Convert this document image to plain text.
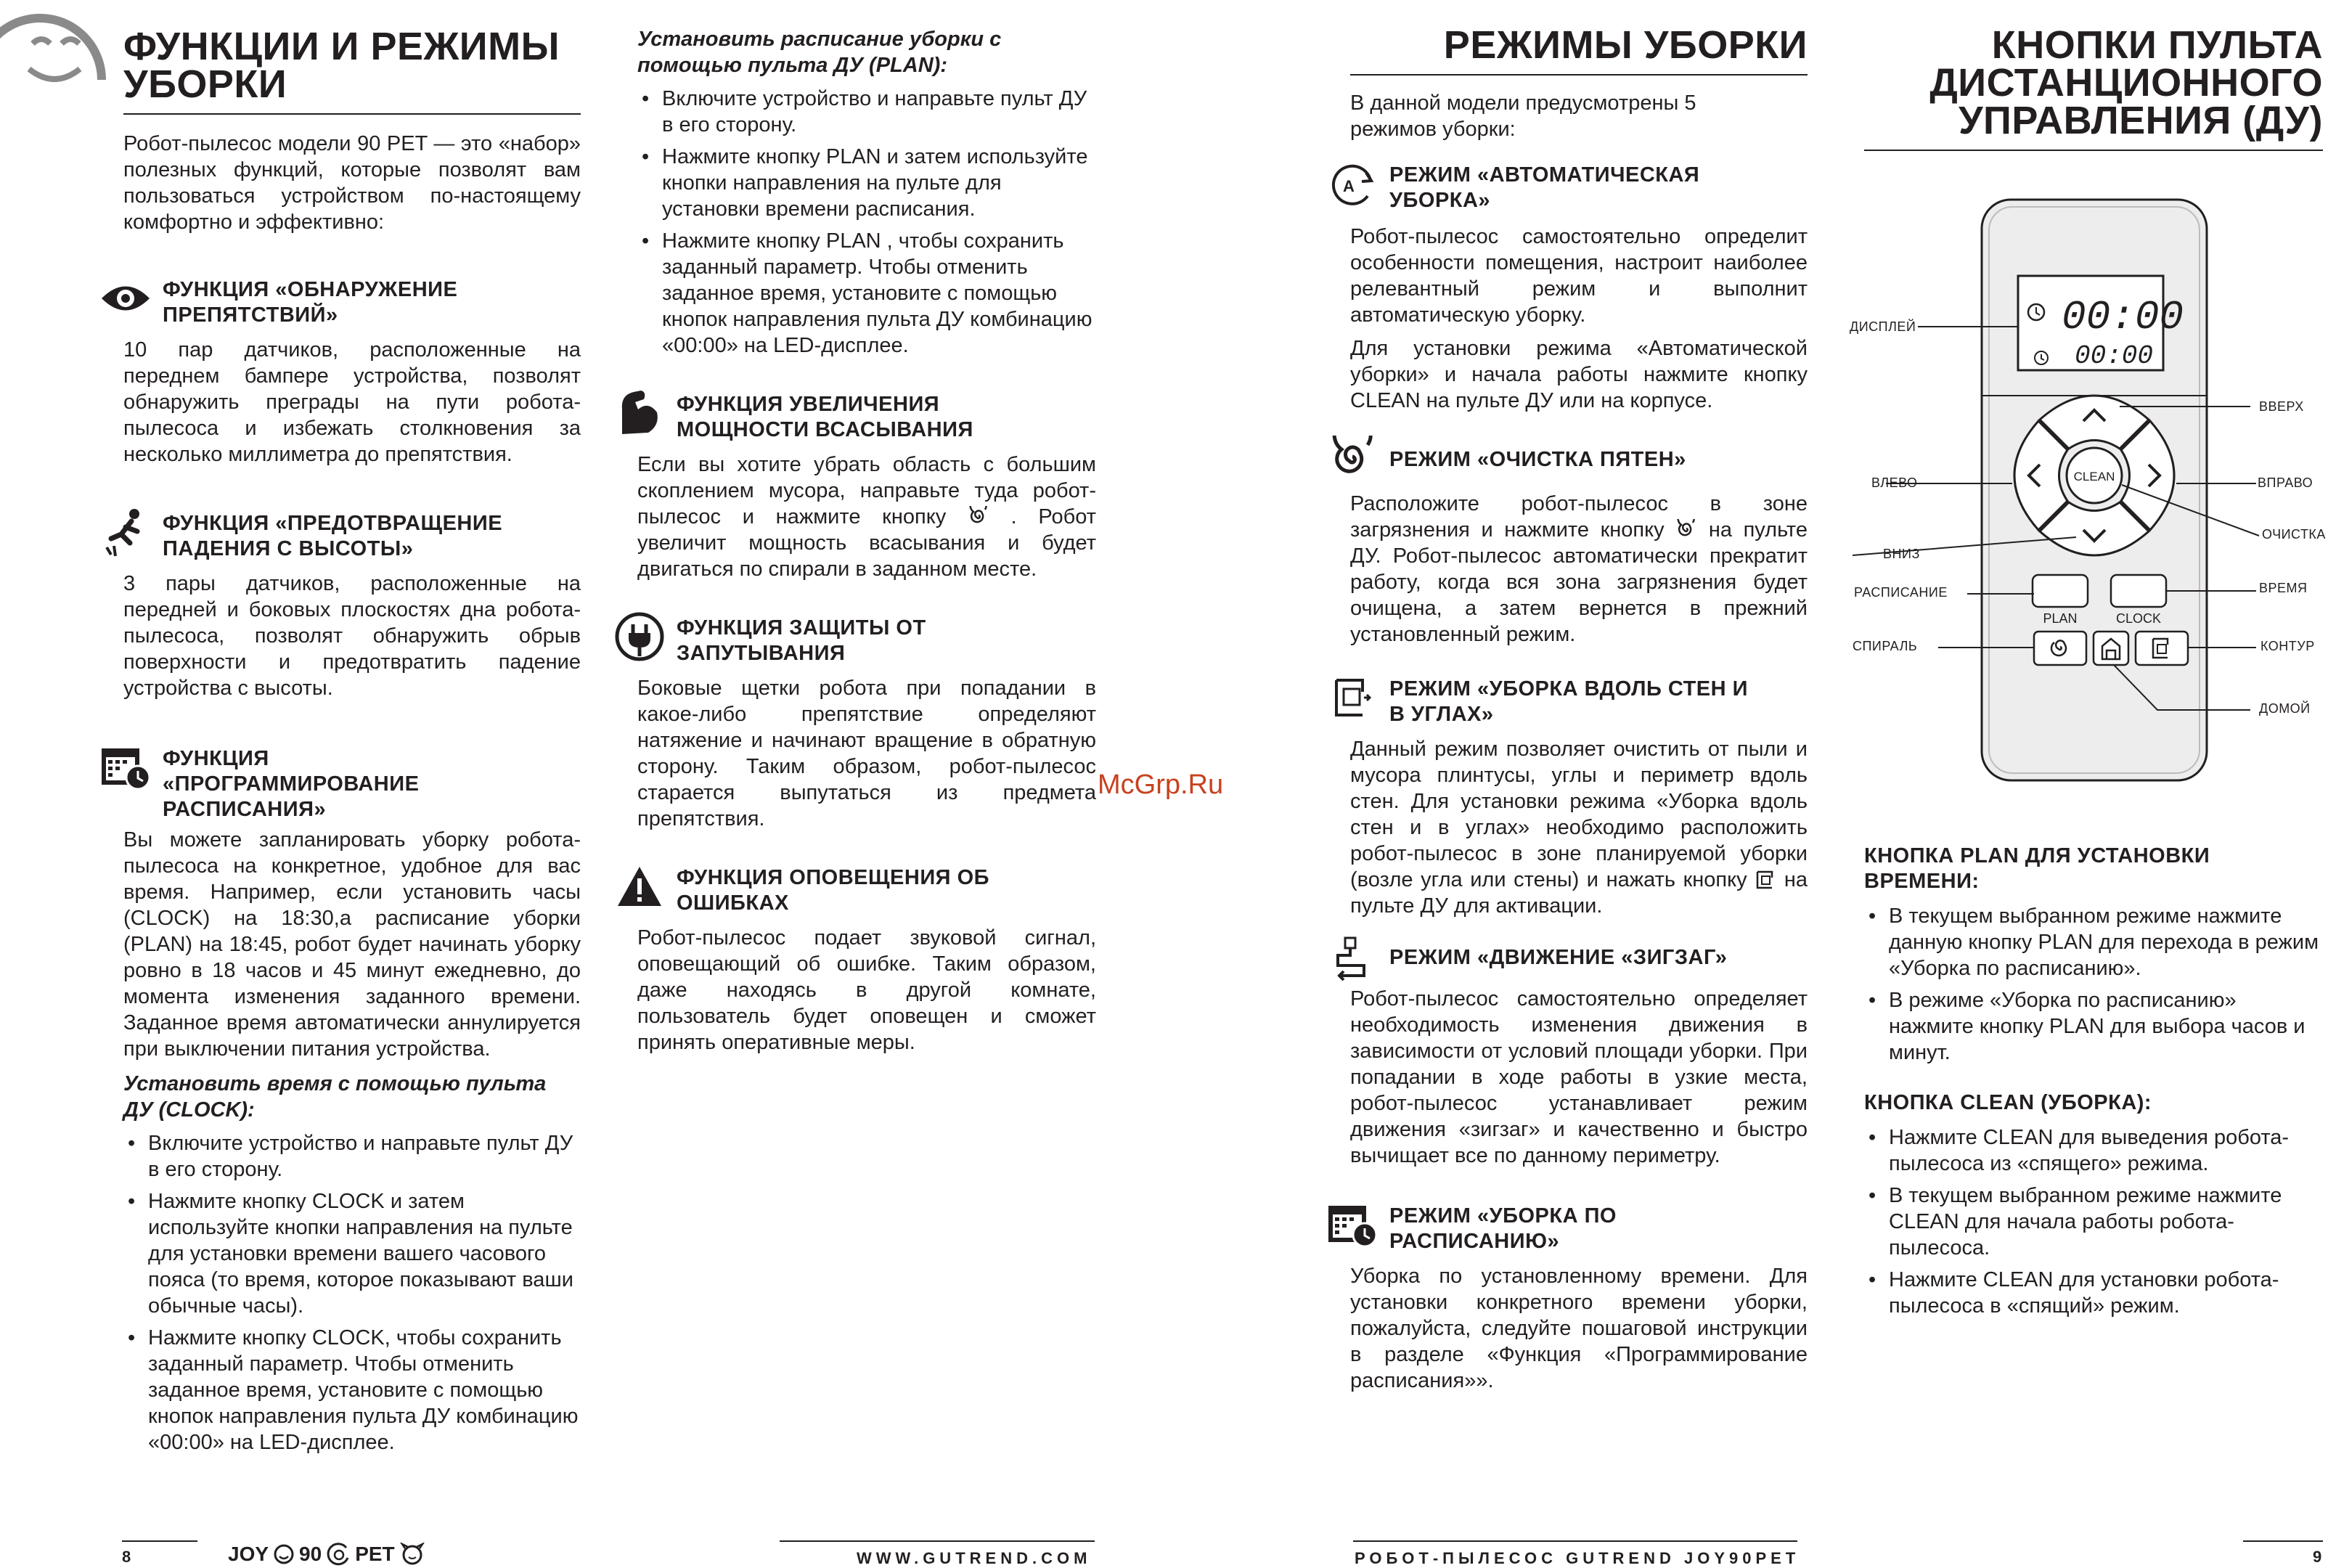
ФУНКЦИИ И РЕЖИМЫ УБОРКИ

Робот-пылесос модели 90 PET — это «набор» полезных функций, которые позволят вам пользоваться устройством по-настоящему комфортно и эффективно:

ФУНКЦИЯ «ОБНАРУЖЕНИЕ ПРЕПЯТСТВИЙ»

10 пар датчиков, расположенные на переднем бампере устройства, позволят обнаружить преграды на пути робота-пылесоса и избежать столкновения за несколько миллиметра до препятствия.

ФУНКЦИЯ «ПРЕДОТВРАЩЕНИЕ ПАДЕНИЯ С ВЫСОТЫ»

3 пары датчиков, расположенные на передней и боковых плоскостях дна робота-пылесоса, позволят обнаружить обрыв поверхности и предотвратить падение устройства с высоты.

ФУНКЦИЯ «ПРОГРАММИРОВАНИЕ РАСПИСАНИЯ»

Вы можете запланировать уборку робота-пылесоса на конкретное, удобное для вас время. Например, если установить часы (CLOCK) на 18:30,а расписание уборки (PLAN) на 18:45, робот будет начинать уборку ровно в 18 часов и 45 минут ежедневно, до момента изменения заданного времени. Заданное время автоматически аннулируется при выключении питания устройства.

Установить время с помощью пульта ДУ (CLOCK):

• Включите устройство и направьте пульт ДУ в его сторону.
• Нажмите кнопку CLOCK и затем используйте кнопки направления на пульте для установки времени вашего часового пояса (то время, которое показывают ваши обычные часы).
• Нажмите кнопку CLOCK, чтобы сохранить заданный параметр. Чтобы отменить заданное время, установите с помощью кнопок направления пульта ДУ комбинацию «00:00» на LED-дисплее.

Установить расписание уборки с помощью пульта ДУ (PLAN):

• Включите устройство и направьте пульт ДУ в его сторону.
• Нажмите кнопку PLAN и затем используйте кнопки направления на пульте для установки времени расписания.
• Нажмите кнопку PLAN , чтобы сохранить заданный параметр. Чтобы отменить заданное время, установите с помощью кнопок направления пульта ДУ комбинацию «00:00» на LED-дисплее.
ФУНКЦИЯ УВЕЛИЧЕНИЯ МОЩНОСТИ ВСАСЫВАНИЯ

Если вы хотите убрать область с большим скоплением мусора, направьте туда робот-пылесос и нажмите кнопку	. Робот увеличит мощность всасывания и будет двигаться по спирали в заданном месте.

ФУНКЦИЯ ЗАЩИТЫ ОТ ЗАПУТЫВАНИЯ

Боковые щетки робота при попадании в какое-либо препятствие определяют натяжение и начинают вращение в обратную сторону. Таким образом, робот-пылесос старается выпутаться из предмета препятствия.

ФУНКЦИЯ ОПОВЕЩЕНИЯ ОБ ОШИБКАХ

Робот-пылесос подает звуковой сигнал, оповещающий об ошибке. Таким образом, даже находясь в другой комнате, пользователь будет оповещен и сможет принять оперативные меры.

McGrp.Ru
8	JOY 90 PET	WWW.GUTREND.COM
РЕЖИМЫ УБОРКИ

В данной модели предусмотрены 5 режимов уборки:

A РЕЖИМ «АВТОМАТИЧЕСКАЯ УБОРКА»

Робот-пылесос самостоятельно определит особенности помещения, настроит наиболее релевантный режим и выполнит автоматическую уборку.

Для установки режима «Автоматической уборки» и начала работы нажмите кнопку CLEAN на пульте ДУ или на корпусе.

РЕЖИМ «ОЧИСТКА ПЯТЕН»

Расположите робот-пылесос в зоне загрязнения и нажмите кнопку на пульте ДУ. Робот-пылесос автоматически прекратит работу, когда вся зона загрязнения будет очищена, а затем вернется в прежний установленный режим.

РЕЖИМ «УБОРКА ВДОЛЬ СТЕН И В УГЛАХ»

Данный режим позволяет очистить от пыли и мусора плинтусы, углы и периметр вдоль стен. Для установки режима «Уборка вдоль стен и в углах» необходимо расположить робот-пылесос в зоне планируемой уборки (возле угла или стены) и нажать кнопку на пульте ДУ для активации.

РЕЖИМ «ДВИЖЕНИЕ «ЗИГЗАГ»

Робот-пылесос самостоятельно определяет необходимость изменения движения в зависимости от условий площади уборки. При попадании в ходе работы в узкие места, робот-пылесос устанавливает режим движения «зигзаг» и качественно и быстро вычищает все по данному периметру.

РЕЖИМ «УБОРКА ПО РАСПИСАНИЮ»

Уборка по установленному времени. Для установки конкретного времени уборки, пожалуйста, следуйте пошаговой инструкции в разделе «Функция «Программирование расписания»».

КНОПКИ ПУЛЬТА ДИСТАНЦИОННОГО УПРАВЛЕНИЯ (ДУ)
00:00
00:00
CLEAN
PLAN	CLOCK
ДИСПЛЕЙ
ВВЕРХ
ВЛЕВО	ВПРАВО
ОЧИСТКА
ВНИЗ
ВРЕМЯ
РАСПИСАНИЕ
СПИРАЛЬ	КОНТУР
ДОМОЙ
КНОПКА PLAN ДЛЯ УСТАНОВКИ ВРЕМЕНИ:
• В текущем выбранном режиме нажмите данную кнопку PLAN для перехода в режим «Уборка по расписанию».
• В режиме «Уборка по расписанию» нажмите кнопку PLAN для выбора часов и минут.
КНОПКА CLEAN (УБОРКА):
• Нажмите CLEAN для выведения робота-пылесоса из «спящего» режима.
• В текущем выбранном режиме нажмите CLEAN для начала работы робота-пылесоса.
• Нажмите CLEAN для установки робота-пылесоса в «спящий» режим.
РОБОТ-ПЫЛЕСОС GUTREND JOY90PET	9
